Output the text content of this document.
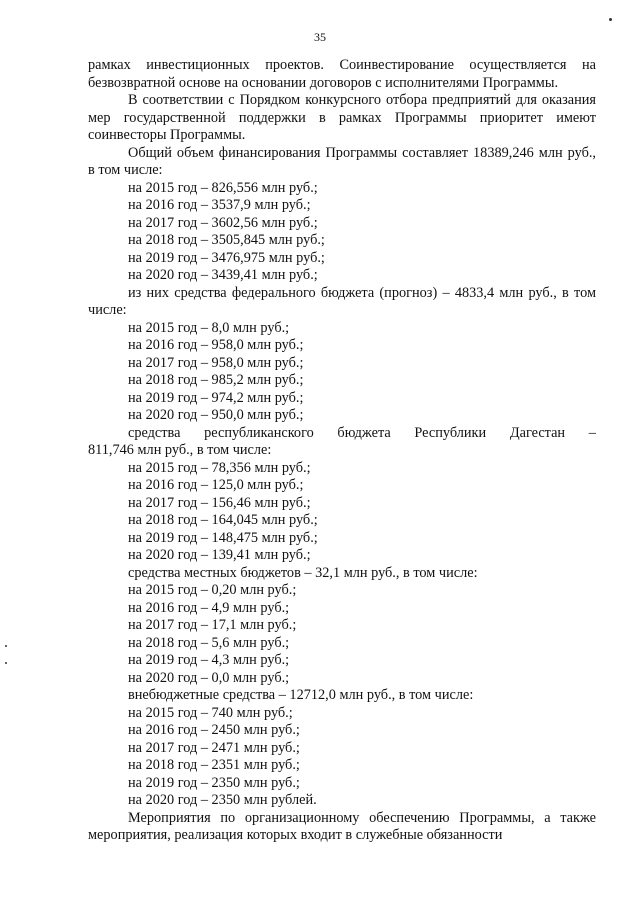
35

рамках инвестиционных проектов. Соинвестирование осуществляется на безвозвратной основе на основании договоров с исполнителями Программы.

В соответствии с Порядком конкурсного отбора предприятий для оказания мер государственной поддержки в рамках Программы приоритет имеют соинвесторы Программы.

Общий объем финансирования Программы составляет 18389,246 млн руб., в том числе:

на 2015 год – 826,556 млн руб.;

на 2016 год – 3537,9 млн руб.;

на 2017 год – 3602,56 млн руб.;

на 2018 год – 3505,845 млн руб.;

на 2019 год – 3476,975 млн руб.;

на 2020 год – 3439,41 млн руб.;

из них средства федерального бюджета (прогноз) – 4833,4 млн руб., в том числе:

на 2015 год – 8,0 млн руб.;

на 2016 год – 958,0 млн руб.;

на 2017 год – 958,0 млн руб.;

на 2018 год – 985,2 млн руб.;

на 2019 год – 974,2 млн руб.;

на 2020 год – 950,0 млн руб.;

средства республиканского бюджета Республики Дагестан –

811,746 млн руб., в том числе:

на 2015 год – 78,356 млн руб.;

на 2016 год – 125,0 млн руб.;

на 2017 год – 156,46 млн руб.;

на 2018 год – 164,045 млн руб.;

на 2019 год – 148,475 млн руб.;

на 2020 год – 139,41 млн руб.;

средства местных бюджетов – 32,1 млн руб., в том числе:

на 2015 год – 0,20 млн руб.;

на 2016 год – 4,9 млн руб.;

на 2017 год – 17,1 млн руб.;

на 2018 год – 5,6 млн руб.;

на 2019 год – 4,3 млн руб.;

на 2020 год – 0,0 млн руб.;

внебюджетные средства – 12712,0 млн руб., в том числе:

на 2015 год – 740 млн руб.;

на 2016 год – 2450 млн руб.;

на 2017 год – 2471 млн руб.;

на 2018 год – 2351 млн руб.;

на 2019 год – 2350 млн руб.;

на 2020 год – 2350 млн рублей.

Мероприятия по организационному обеспечению Программы, а также мероприятия, реализация которых входит в служебные обязанности
